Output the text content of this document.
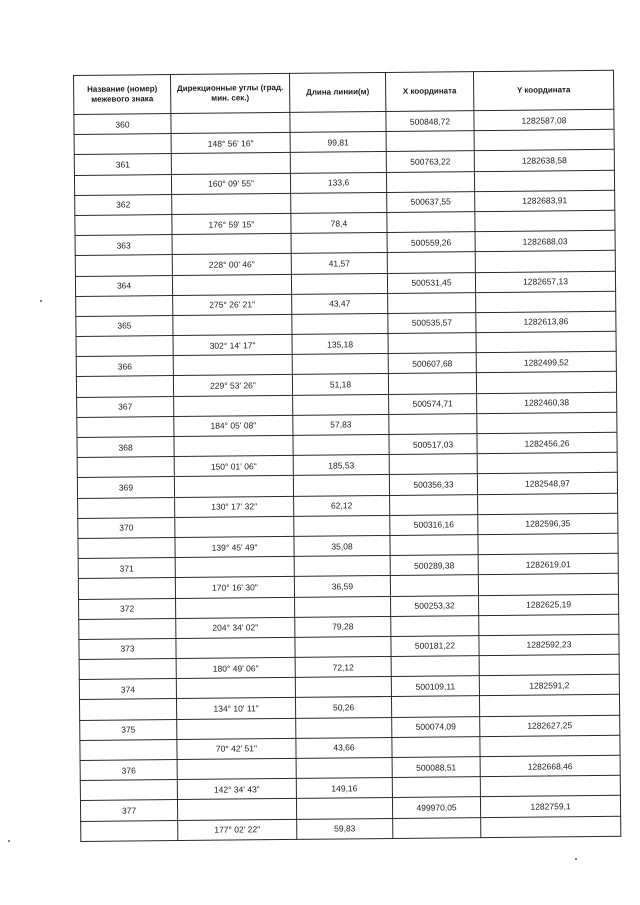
Название (номер) межевого знака	Дирекционные углы (град. мин. сек.)	Длина линии(м)	X координата	Y координата
360			500848,72	1282587,08
	148° 56' 16"	99,81		
361			500763,22	1282638,58
	160° 09' 55"	133,6		
362			500637,55	1282683,91
	176° 59' 15"	78,4		
363			500559,26	1282688,03
	228° 00' 46"	41,57		
364			500531,45	1282657,13
	275° 26' 21"	43,47		
365			500535,57	1282613,86
	302° 14' 17"	135,18		
366			500607,68	1282499,52
	229° 53' 26"	51,18		
367			500574,71	1282460,38
	184° 05' 08"	57,83		
368			500517,03	1282456,26
	150° 01' 06"	185,53		
369			500356,33	1282548,97
	130° 17' 32"	62,12		
370			500316,16	1282596,35
	139° 45' 49"	35,08		
371			500289,38	1282619,01
	170° 16' 30"	36,59		
372			500253,32	1282625,19
	204° 34' 02"	79,28		
373			500181,22	1282592,23
	180° 49' 06"	72,12		
374			500109,11	1282591,2
	134° 10' 11"	50,26		
375			500074,09	1282627,25
	70° 42' 51"	43,66		
376			500088,51	1282668,46
	142° 34' 43"	149,16		
377			499970,05	1282759,1
	177° 02' 22"	59,83		
